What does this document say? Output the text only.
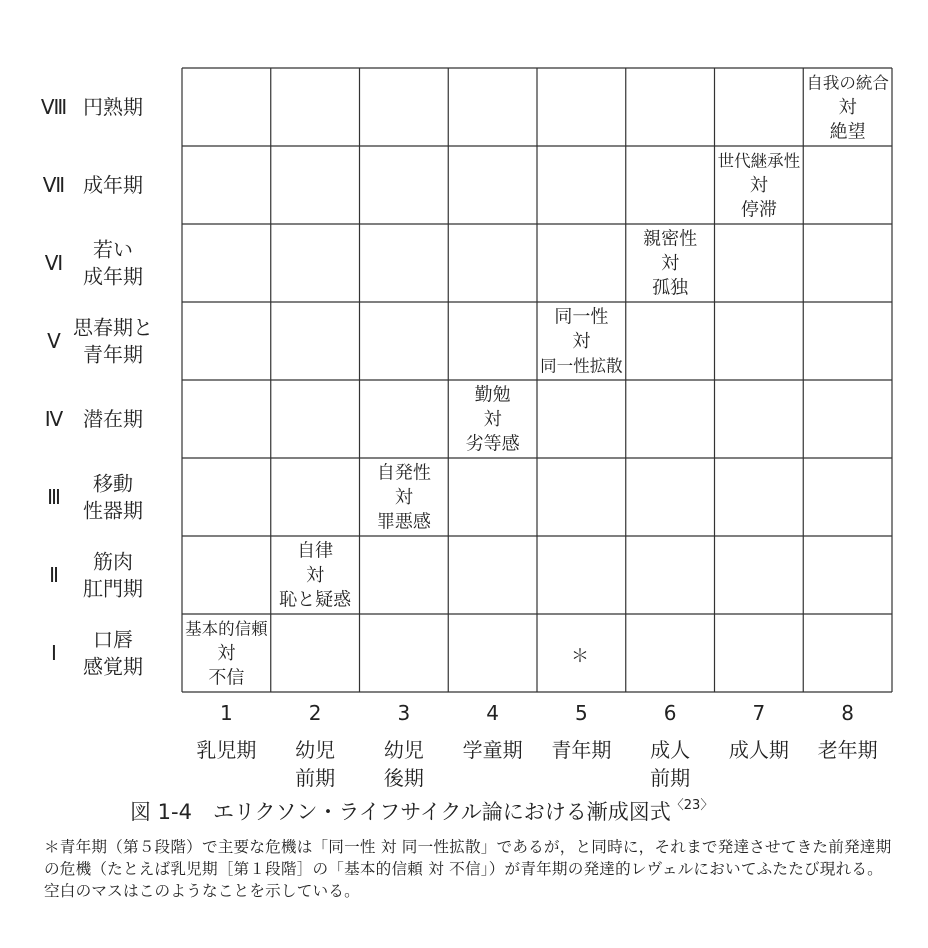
Ⅷ 円熟期
Ⅶ 成年期
Ⅵ
若い
成年期
Ⅴ
思春期と
青年期
Ⅳ 潜在期
Ⅲ
移動
性器期
Ⅱ
筋肉
肛門期
Ⅰ
口唇
感覚期
自我の統合
対
絶望
世代継承性
対
停滞
親密性
対
孤独
同一性
対
同一性拡散
勤勉
対
劣等感
自発性
対
罪悪感
自律
対
恥と疑惑
基本的信頼
対
不信
1
乳児期
2
幼児
前期
3
幼児
後期
4
学童期
5
青年期
6
成人
前期
7
成人期
8
老年期
＊
図 1-4　エリクソン・ライフサイクル論における漸成図式$^{〈23〉}$
＊青年期（第５段階）で主要な危機は「同一性 対 同一性拡散」であるが，と同時に，それまで発達させてきた前発達期の危機（たとえば乳児期［第１段階］の「基本的信頼 対 不信」）が青年期の発達的レヴェルにおいてふたたび現れる。空白のマスはこのようなことを示している。
